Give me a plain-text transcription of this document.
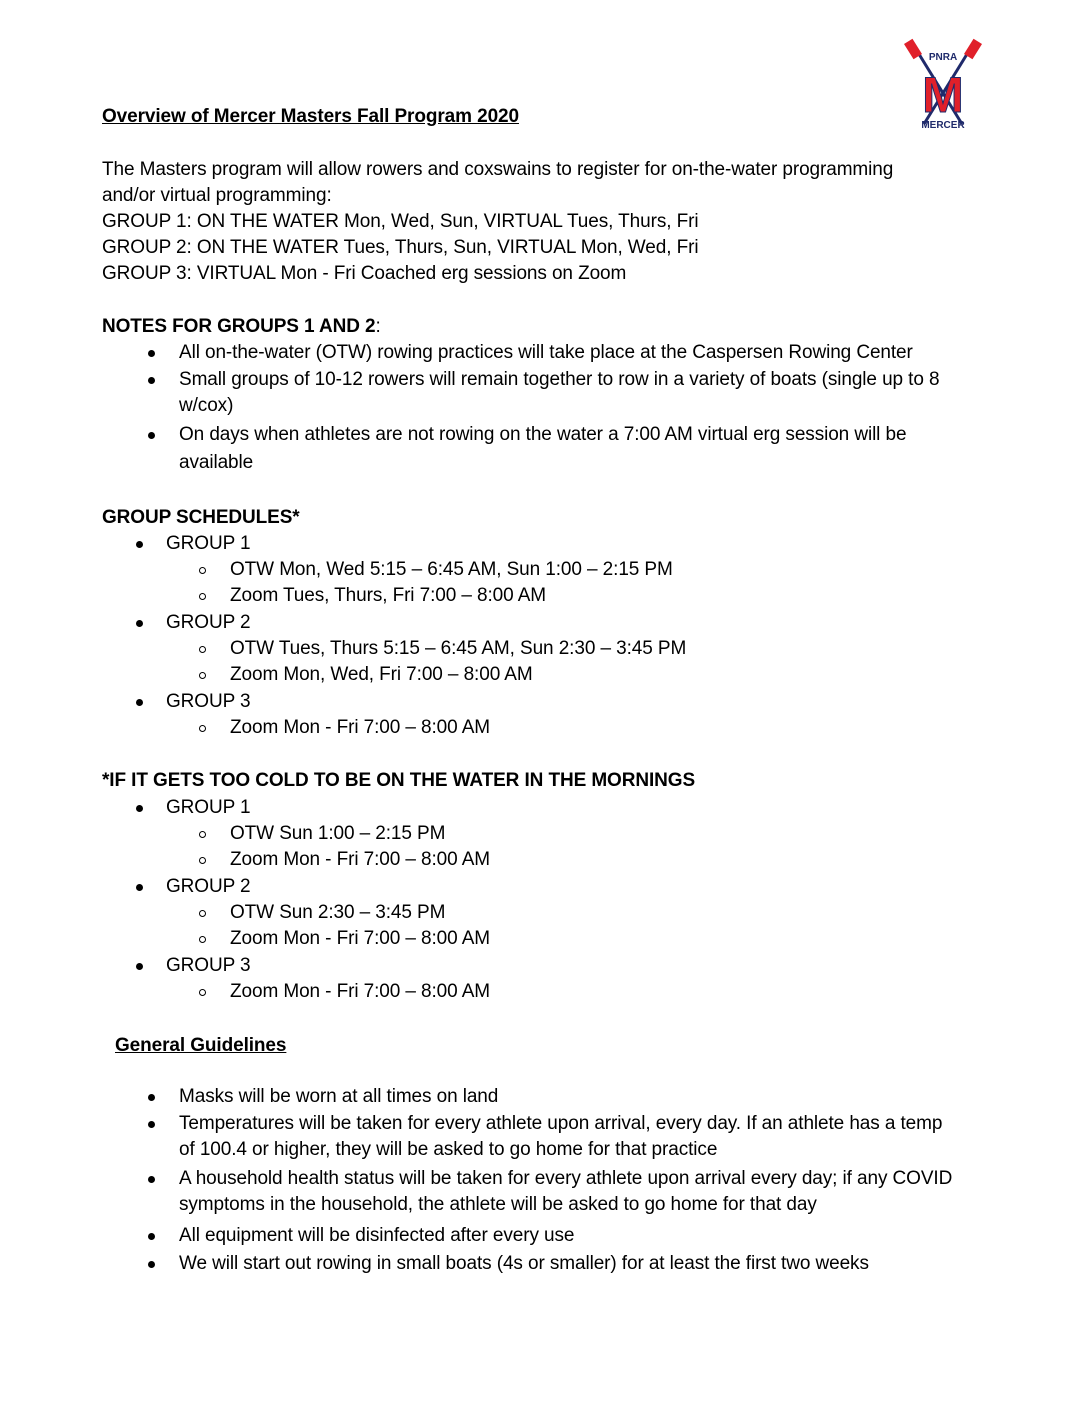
PNRA
M
MERCER
Overview of Mercer Masters Fall Program 2020
The Masters program will allow rowers and coxswains to register for on-the-water programming
and/or virtual programming:
GROUP 1: ON THE WATER Mon, Wed, Sun, VIRTUAL Tues, Thurs, Fri
GROUP 2: ON THE WATER Tues, Thurs, Sun, VIRTUAL Mon, Wed, Fri
GROUP 3: VIRTUAL Mon - Fri Coached erg sessions on Zoom
NOTES FOR GROUPS 1 AND 2:
All on-the-water (OTW) rowing practices will take place at the Caspersen Rowing Center
Small groups of 10-12 rowers will remain together to row in a variety of boats (single up to 8
w/cox)
On days when athletes are not rowing on the water a 7:00 AM virtual erg session will be
available
GROUP SCHEDULES*
GROUP 1
OTW Mon, Wed 5:15 – 6:45 AM, Sun 1:00 – 2:15 PM
Zoom Tues, Thurs, Fri 7:00 – 8:00 AM
GROUP 2
OTW Tues, Thurs 5:15 – 6:45 AM, Sun 2:30 – 3:45 PM
Zoom Mon, Wed, Fri 7:00 – 8:00 AM
GROUP 3
Zoom Mon - Fri 7:00 – 8:00 AM
*IF IT GETS TOO COLD TO BE ON THE WATER IN THE MORNINGS
GROUP 1
OTW Sun 1:00 – 2:15 PM
Zoom Mon - Fri 7:00 – 8:00 AM
GROUP 2
OTW Sun 2:30 – 3:45 PM
Zoom Mon - Fri 7:00 – 8:00 AM
GROUP 3
Zoom Mon - Fri 7:00 – 8:00 AM
General Guidelines
Masks will be worn at all times on land
Temperatures will be taken for every athlete upon arrival, every day. If an athlete has a temp
of 100.4 or higher, they will be asked to go home for that practice
A household health status will be taken for every athlete upon arrival every day; if any COVID
symptoms in the household, the athlete will be asked to go home for that day
All equipment will be disinfected after every use
We will start out rowing in small boats (4s or smaller) for at least the first two weeks
